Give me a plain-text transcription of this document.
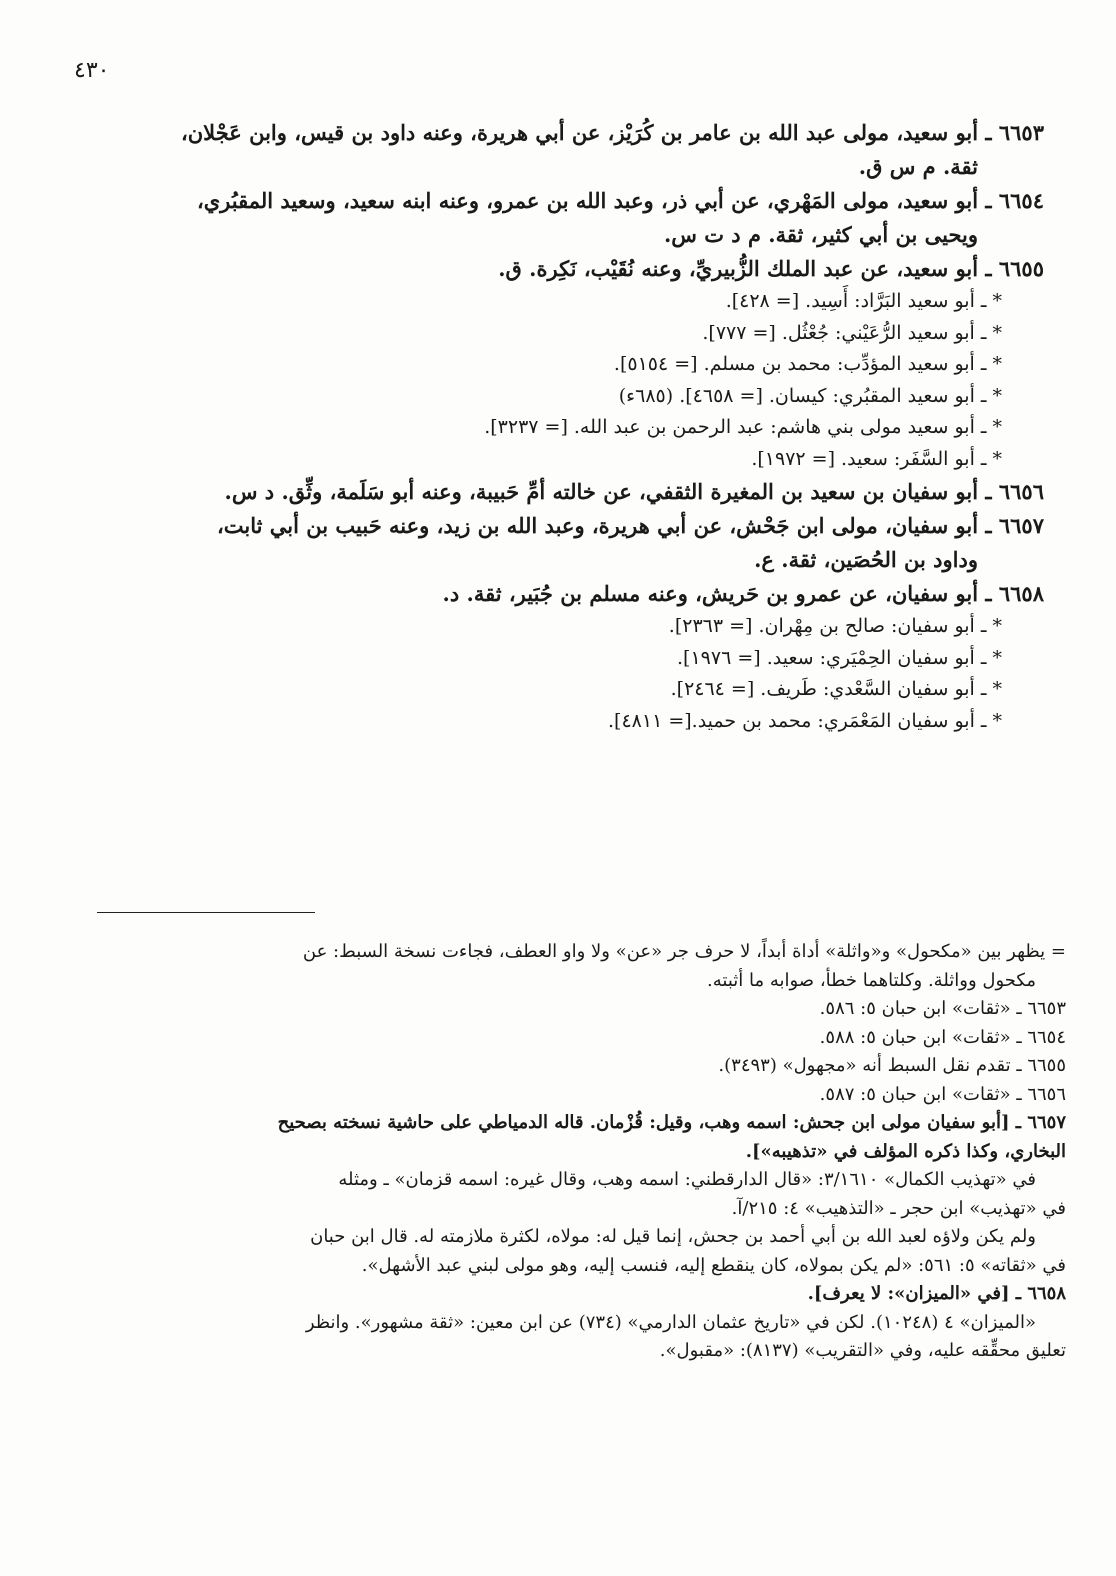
٤٣٠
٦٦٥٣ ـ أبو سعيد، مولى عبد الله بن عامر بن كُرَيْز، عن أبي هريرة، وعنه داود بن قيس، وابن عَجْلان،
ثقة. م س ق.
٦٦٥٤ ـ أبو سعيد، مولى المَهْري، عن أبي ذر، وعبد الله بن عمرو، وعنه ابنه سعيد، وسعيد المقبُري،
ويحيى بن أبي كثير، ثقة. م د ت س.
٦٦٥٥ ـ أبو سعيد، عن عبد الملك الزُّبيريِّ، وعنه نُقَيْب، نَكِرة. ق.
* ـ أبو سعيد البَرَّاد: أَسِيد. [= ٤٢٨].
* ـ أبو سعيد الرُّعَيْني: جُعْثُل. [= ٧٧٧].
* ـ أبو سعيد المؤدِّب: محمد بن مسلم. [= ٥١٥٤].
* ـ أبو سعيد المقبُري: كيسان. [= ٤٦٥٨]. (٦٨٥ء)
* ـ أبو سعيد مولى بني هاشم: عبد الرحمن بن عبد الله. [= ٣٢٣٧].
* ـ أبو السَّفَر: سعيد. [= ١٩٧٢].
٦٦٥٦ ـ أبو سفيان بن سعيد بن المغيرة الثقفي، عن خالته أمِّ حَبيبة، وعنه أبو سَلَمة، وثِّق. د س.
٦٦٥٧ ـ أبو سفيان، مولى ابن جَحْش، عن أبي هريرة، وعبد الله بن زيد، وعنه حَبيب بن أبي ثابت،
وداود بن الحُصَين، ثقة. ع.
٦٦٥٨ ـ أبو سفيان، عن عمرو بن حَريش، وعنه مسلم بن جُبَير، ثقة. د.
* ـ أبو سفيان: صالح بن مِهْران. [= ٢٣٦٣].
* ـ أبو سفيان الحِمْيَري: سعيد. [= ١٩٧٦].
* ـ أبو سفيان السَّعْدي: طَريف. [= ٢٤٦٤].
* ـ أبو سفيان المَعْمَري: محمد بن حميد.[= ٤٨١١].
= يظهر بين «مكحول» و«واثلة» أداة أبداً، لا حرف جر «عن» ولا واو العطف، فجاءت نسخة السبط: عن
مكحول وواثلة. وكلتاهما خطأ، صوابه ما أثبته.
٦٦٥٣ ـ «ثقات» ابن حبان ٥: ٥٨٦.
٦٦٥٤ ـ «ثقات» ابن حبان ٥: ٥٨٨.
٦٦٥٥ ـ تقدم نقل السبط أنه «مجهول» (٣٤٩٣).
٦٦٥٦ ـ «ثقات» ابن حبان ٥: ٥٨٧.
٦٦٥٧ ـ [أبو سفيان مولى ابن جحش: اسمه وهب، وقيل: قُزْمان. قاله الدمياطي على حاشية نسخته بصحيح
البخاري، وكذا ذكره المؤلف في «تذهيبه»].
في «تهذيب الكمال» ٣/١٦١٠: «قال الدارقطني: اسمه وهب، وقال غيره: اسمه قزمان» ـ ومثله
في «تهذيب» ابن حجر ـ «التذهيب» ٤: ٢١٥/آ.
ولم يكن ولاؤه لعبد الله بن أبي أحمد بن جحش، إنما قيل له: مولاه، لكثرة ملازمته له. قال ابن حبان
في «ثقاته» ٥: ٥٦١: «لم يكن بمولاه، كان ينقطع إليه، فنسب إليه، وهو مولى لبني عبد الأشهل».
٦٦٥٨ ـ [في «الميزان»: لا يعرف].
«الميزان» ٤ (١٠٢٤٨). لكن في «تاريخ عثمان الدارمي» (٧٣٤) عن ابن معين: «ثقة مشهور». وانظر
تعليق محقِّقه عليه، وفي «التقريب» (٨١٣٧): «مقبول».
